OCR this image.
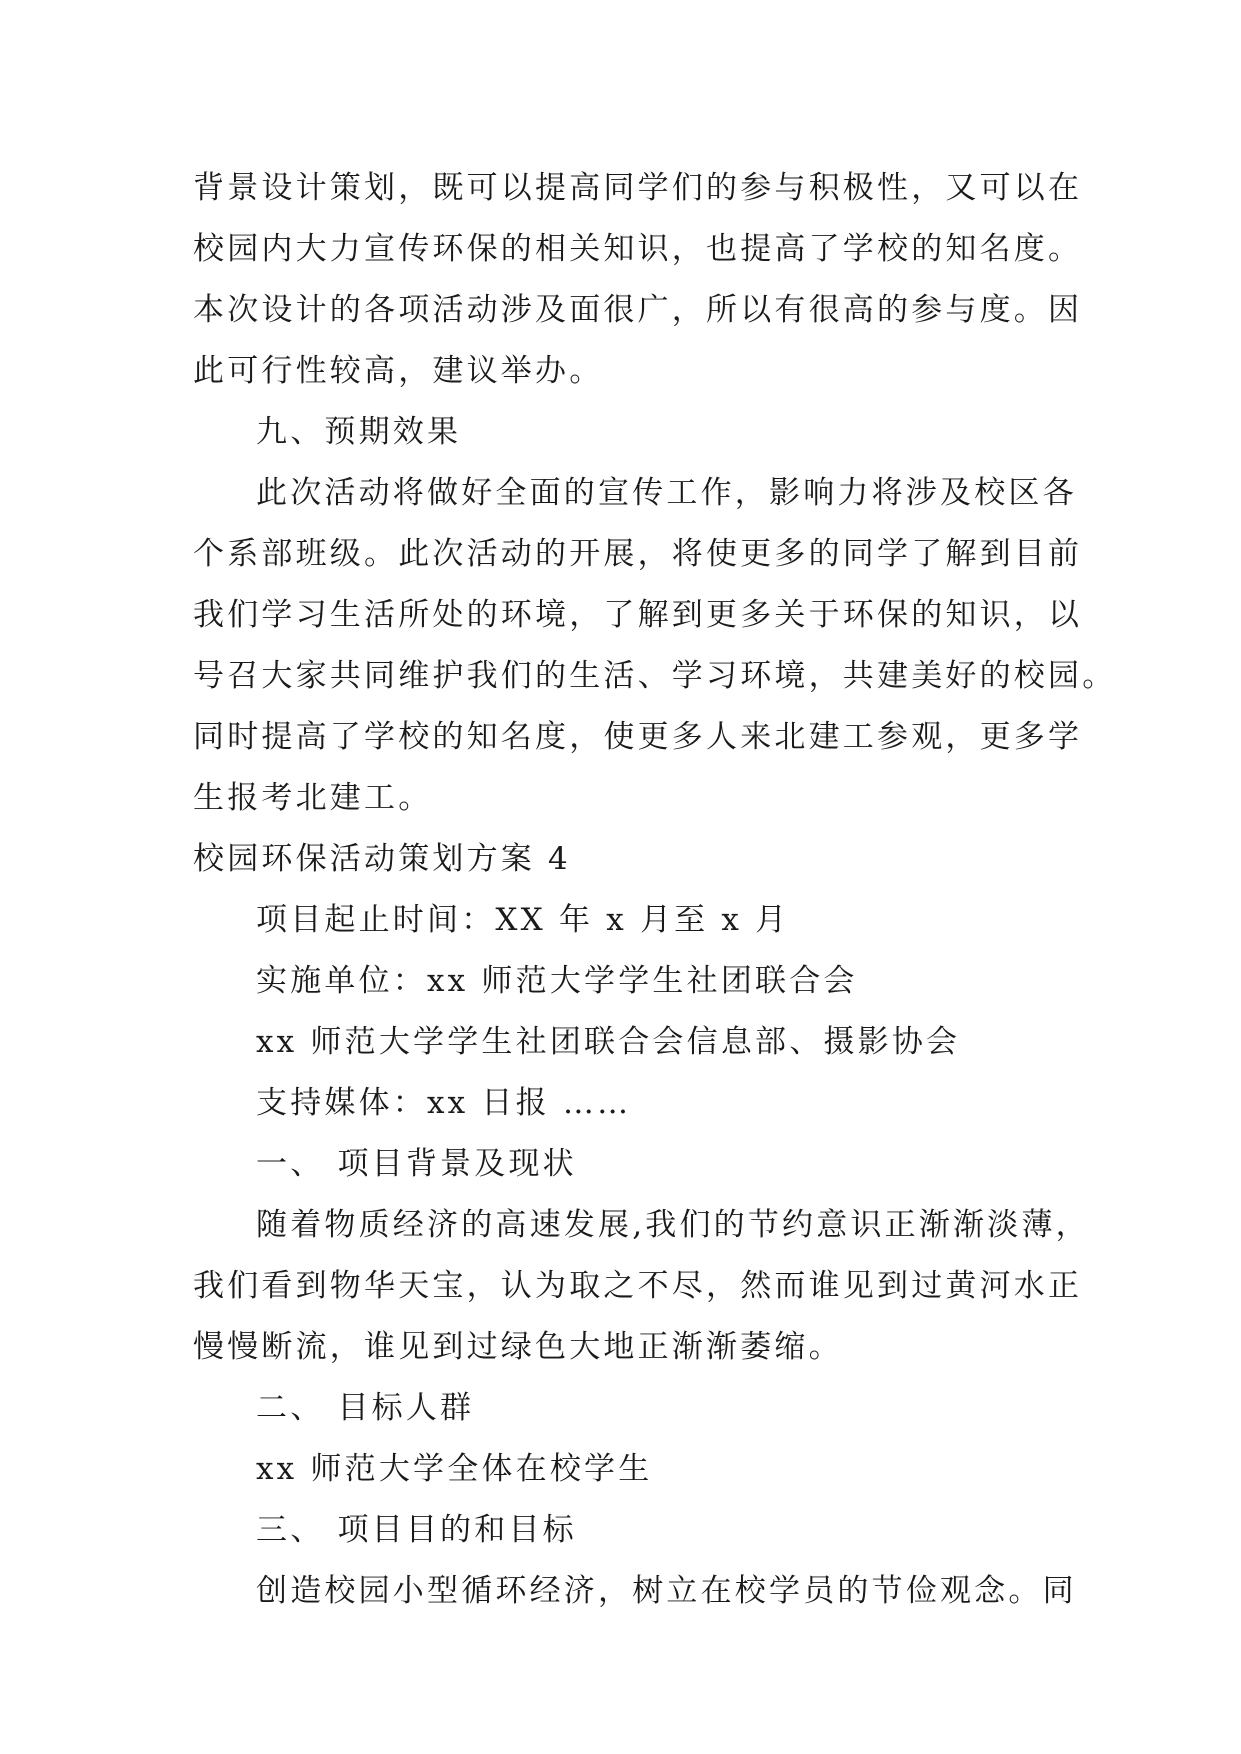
背景设计策划，既可以提高同学们的参与积极性，又可以在
校园内大力宣传环保的相关知识，也提高了学校的知名度。
本次设计的各项活动涉及面很广，所以有很高的参与度。因
此可行性较高，建议举办。
九、预期效果
此次活动将做好全面的宣传工作，影响力将涉及校区各
个系部班级。此次活动的开展，将使更多的同学了解到目前
我们学习生活所处的环境，了解到更多关于环保的知识，以
号召大家共同维护我们的生活、学习环境，共建美好的校园。
同时提高了学校的知名度，使更多人来北建工参观，更多学
生报考北建工。
校园环保活动策划方案 4
项目起止时间：XX 年 x 月至 x 月
实施单位：xx 师范大学学生社团联合会
xx 师范大学学生社团联合会信息部、摄影协会
支持媒体：xx 日报 ……
一、 项目背景及现状
随着物质经济的高速发展,我们的节约意识正渐渐淡薄，
我们看到物华天宝，认为取之不尽，然而谁见到过黄河水正
慢慢断流，谁见到过绿色大地正渐渐萎缩。
二、 目标人群
xx 师范大学全体在校学生
三、 项目目的和目标
创造校园小型循环经济，树立在校学员的节俭观念。同
